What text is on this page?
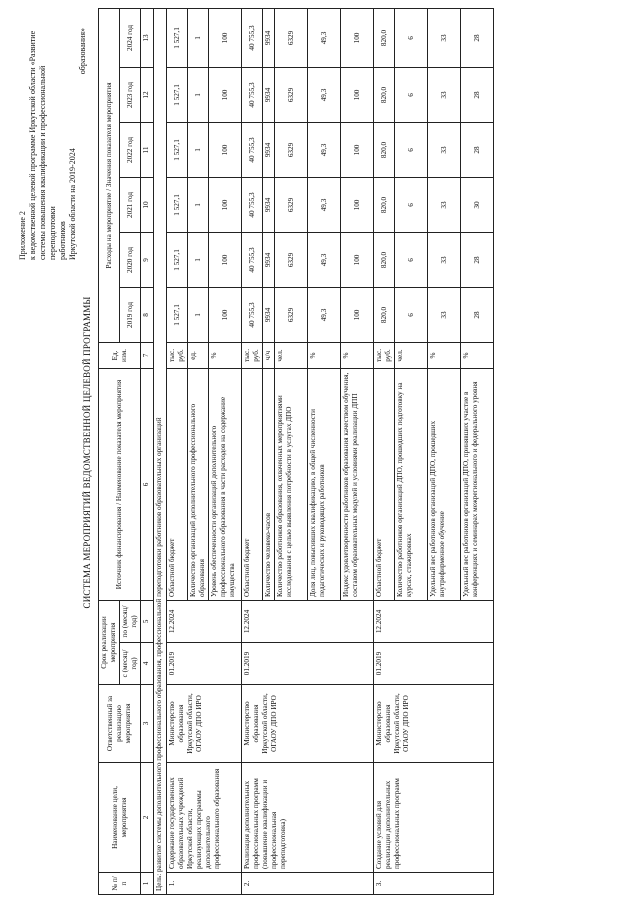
Приложение 2 к ведомственной целевой программе Иркутской области «Развитие системы повышения квалификации и профессиональной переподготовки работников Иркутской области на 2019-2024
образования»
СИСТЕМА МЕРОПРИЯТИЙ ВЕДОМСТВЕННОЙ ЦЕЛЕВОЙ ПРОГРАММЫ
№ п/п	Наименование цели, мероприятия	Ответственный за реализацию мероприятия	Срок реализации мероприятия		Источник финансирования / Наименование показателя мероприятия	Ед. изм.	Расходы на мероприятие / Значения показателя мероприятия					
			с (месяц/ год)	по (месяц/ год)			2019 год	2020 год	2021 год	2022 год	2023 год	2024 год
1	2	3	4	5	6	7	8	9	10	11	12	13
Цель: развитие системы дополнительного профессионального образования, профессиональной переподготовки работников образовательных организаций												
1.	Содержание государственных образовательных учреждений Иркутской области, реализующих программы дополнительного профессионального образования	Министерство образования Иркутской области, ОГАОУ ДПО ИРО	01.2019	12.2024	Областной бюджет	тыс. руб.	1 527,1	1 527,1	1 527,1	1 527,1	1 527,1	1 527,1
					Количество организаций дополнительного профессионального образования	ед.	1	1	1	1	1	1
					Уровень обеспеченности организаций дополнительного профессионального образования в части расходов на содержание имущества	%	100	100	100	100	100	100
2.	Реализация дополнительных профессиональных программ (повышение квалификации и профессиональная переподготовка)	Министерство образования Иркутской области, ОГАОУ ДПО ИРО	01.2019	12.2024	Областной бюджет	тыс. руб.	40 755,3	40 755,3	40 755,3	40 755,3	40 755,3	40 755,3
					Количество человеко-часов	ч/ч	9934	9934	9934	9934	9934	9934
					Количество работников образования, охваченных мероприятиями исследования с целью выявления потребности в услугах ДПО	чел.	6329	6329	6329	6329	6329	6329
					Доля лиц, повысивших квалификацию, в общей численности педагогических и руководящих работников	%	49,3	49,3	49,3	49,3	49,3	49,3
					Индекс удовлетворенности работников образования качеством обучения, составом образовательных модулей и условиями реализации ДПП	%	100	100	100	100	100	100
3.	Создание условий для реализации дополнительных профессиональных программ	Министерство образования Иркутской области, ОГАОУ ДПО ИРО	01.2019	12.2024	Областной бюджет	тыс. руб.	820,0	820,0	820,0	820,0	820,0	820,0
					Количество работников организаций ДПО, прошедших подготовку на курсах, стажировках	чел.	6	6	6	6	6	6
					Удельный вес работников организаций ДПО, прошедших внутрифирменное обучение	%	33	33	33	33	33	33
					Удельный вес работников организаций ДПО, принявших участие в конференциях и семинарах межрегионального и федерального уровня	%	28	28	30	28	28	28
